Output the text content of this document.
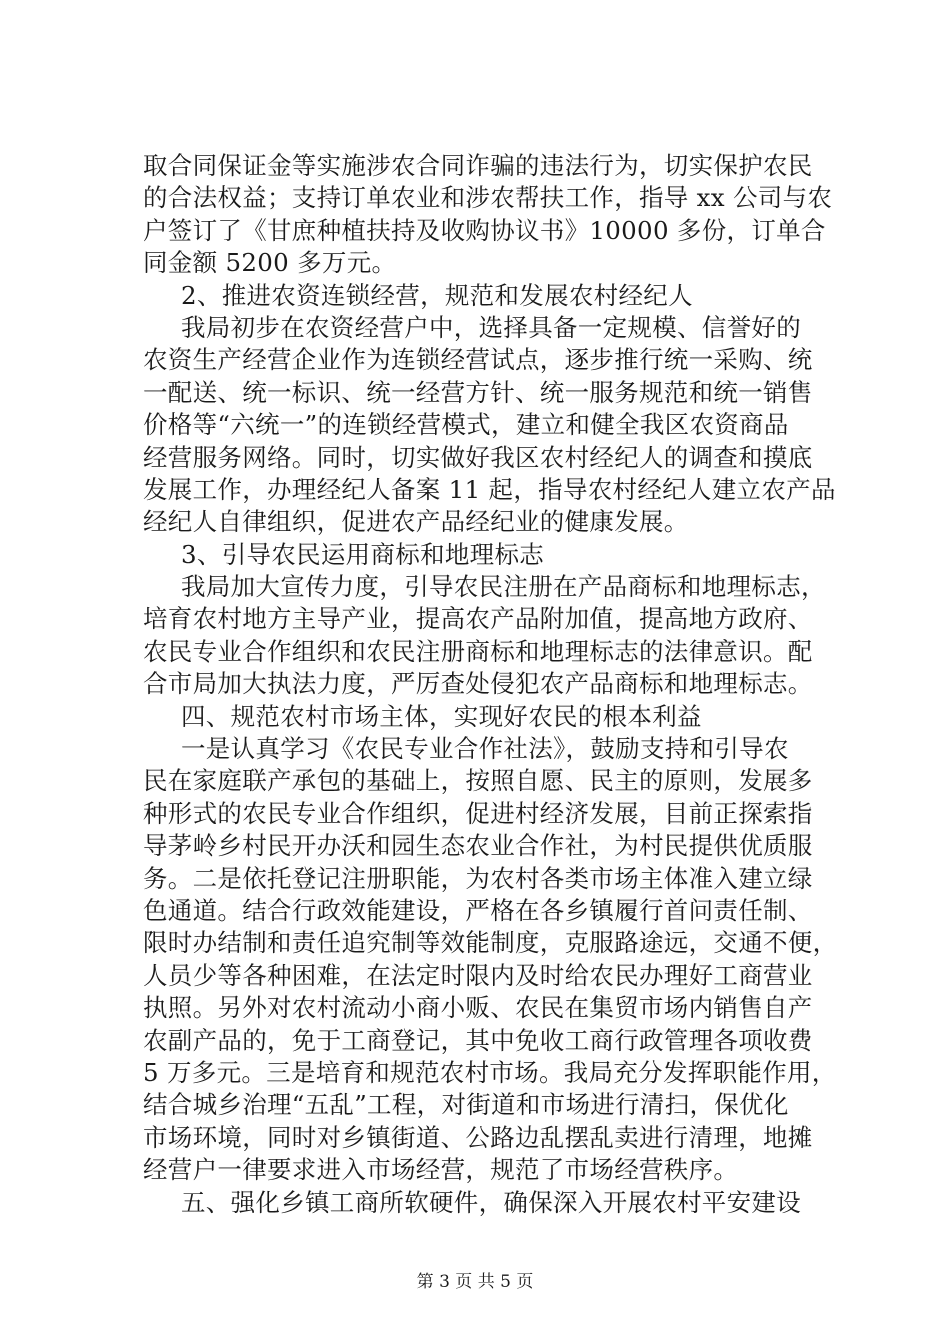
取合同保证金等实施涉农合同诈骗的违法行为，切实保护农民
的合法权益；支持订单农业和涉农帮扶工作，指导 xx 公司与农
户签订了《甘庶种植扶持及收购协议书》10000 多份，订单合
同金额 5200 多万元。
2、推进农资连锁经营，规范和发展农村经纪人
我局初步在农资经营户中，选择具备一定规模、信誉好的
农资生产经营企业作为连锁经营试点，逐步推行统一采购、统
一配送、统一标识、统一经营方针、统一服务规范和统一销售
价格等“六统一”的连锁经营模式，建立和健全我区农资商品
经营服务网络。同时，切实做好我区农村经纪人的调查和摸底
发展工作，办理经纪人备案 11 起，指导农村经纪人建立农产品
经纪人自律组织，促进农产品经纪业的健康发展。
3、引导农民运用商标和地理标志
我局加大宣传力度，引导农民注册在产品商标和地理标志，
培育农村地方主导产业，提高农产品附加值，提高地方政府、
农民专业合作组织和农民注册商标和地理标志的法律意识。配
合市局加大执法力度，严厉查处侵犯农产品商标和地理标志。
四、规范农村市场主体，实现好农民的根本利益
一是认真学习《农民专业合作社法》，鼓励支持和引导农
民在家庭联产承包的基础上，按照自愿、民主的原则，发展多
种形式的农民专业合作组织，促进村经济发展，目前正探索指
导茅岭乡村民开办沃和园生态农业合作社，为村民提供优质服
务。二是依托登记注册职能，为农村各类市场主体准入建立绿
色通道。结合行政效能建设，严格在各乡镇履行首问责任制、
限时办结制和责任追究制等效能制度，克服路途远，交通不便，
人员少等各种困难，在法定时限内及时给农民办理好工商营业
执照。另外对农村流动小商小贩、农民在集贸市场内销售自产
农副产品的，免于工商登记，其中免收工商行政管理各项收费
5 万多元。三是培育和规范农村市场。我局充分发挥职能作用，
结合城乡治理“五乱”工程，对街道和市场进行清扫，保优化
市场环境，同时对乡镇街道、公路边乱摆乱卖进行清理，地摊
经营户一律要求进入市场经营，规范了市场经营秩序。
五、强化乡镇工商所软硬件，确保深入开展农村平安建设
第 3 页 共 5 页
